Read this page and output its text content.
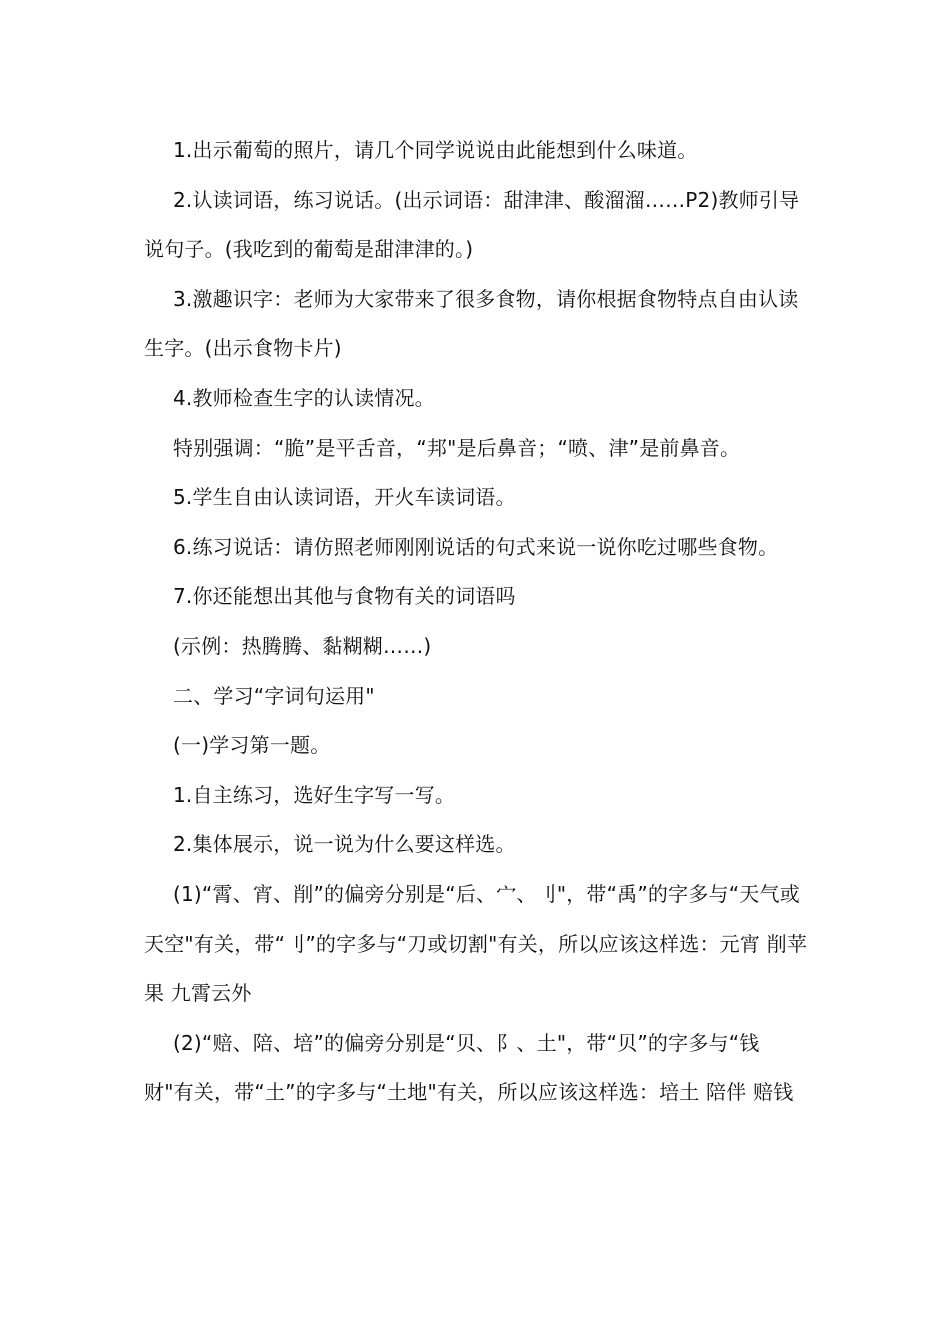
1.出示葡萄的照片，请几个同学说说由此能想到什么味道。

2.认读词语，练习说话。(出示词语：甜津津、酸溜溜……P2)教师引导说句子。(我吃到的葡萄是甜津津的。)

3.激趣识字：老师为大家带来了很多食物，请你根据食物特点自由认读生字。(出示食物卡片)

4.教师检查生字的认读情况。

特别强调：“脆”是平舌音，“邦"是后鼻音；“喷、津”是前鼻音。

5.学生自由认读词语，开火车读词语。

6.练习说话：请仿照老师刚刚说话的句式来说一说你吃过哪些食物。

7.你还能想出其他与食物有关的词语吗

(示例：热腾腾、黏糊糊……)

二、学习“字词句运用"

(一)学习第一题。

1.自主练习，选好生字写一写。

2.集体展示，说一说为什么要这样选。

(1)“霄、宵、削”的偏旁分别是“后、宀、刂"，带“禹”的字多与“天气或天空"有关，带“刂”的字多与“刀或切割"有关，所以应该这样选：元宵 削苹果 九霄云外

(2)“赔、陪、培”的偏旁分别是“贝、阝、土"，带“贝”的字多与“钱财"有关，带“土”的字多与“土地"有关，所以应该这样选：培土 陪伴 赔钱
